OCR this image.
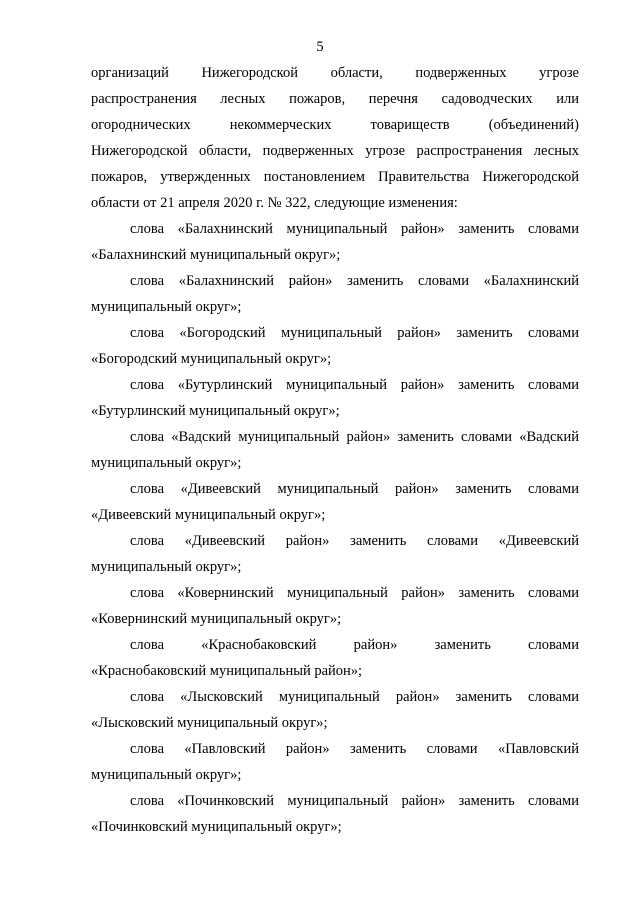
5
организаций Нижегородской области, подверженных угрозе
распространения лесных пожаров, перечня садоводческих или
огороднических некоммерческих товариществ (объединений)
Нижегородской области, подверженных угрозе распространения лесных
пожаров, утвержденных постановлением Правительства Нижегородской
области от 21 апреля 2020 г. № 322, следующие изменения:
слова «Балахнинский муниципальный район» заменить словами
«Балахнинский муниципальный округ»;
слова «Балахнинский район» заменить словами «Балахнинский
муниципальный округ»;
слова «Богородский муниципальный район» заменить словами
«Богородский муниципальный округ»;
слова «Бутурлинский муниципальный район» заменить словами
«Бутурлинский муниципальный округ»;
слова «Вадский муниципальный район» заменить словами «Вадский
муниципальный округ»;
слова «Дивеевский муниципальный район» заменить словами
«Дивеевский муниципальный округ»;
слова «Дивеевский район» заменить словами «Дивеевский
муниципальный округ»;
слова «Ковернинский муниципальный район» заменить словами
«Ковернинский муниципальный округ»;
слова «Краснобаковский район» заменить словами
«Краснобаковский муниципальный район»;
слова «Лысковский муниципальный район» заменить словами
«Лысковский муниципальный округ»;
слова «Павловский район» заменить словами «Павловский
муниципальный округ»;
слова «Починковский муниципальный район» заменить словами
«Починковский муниципальный округ»;
